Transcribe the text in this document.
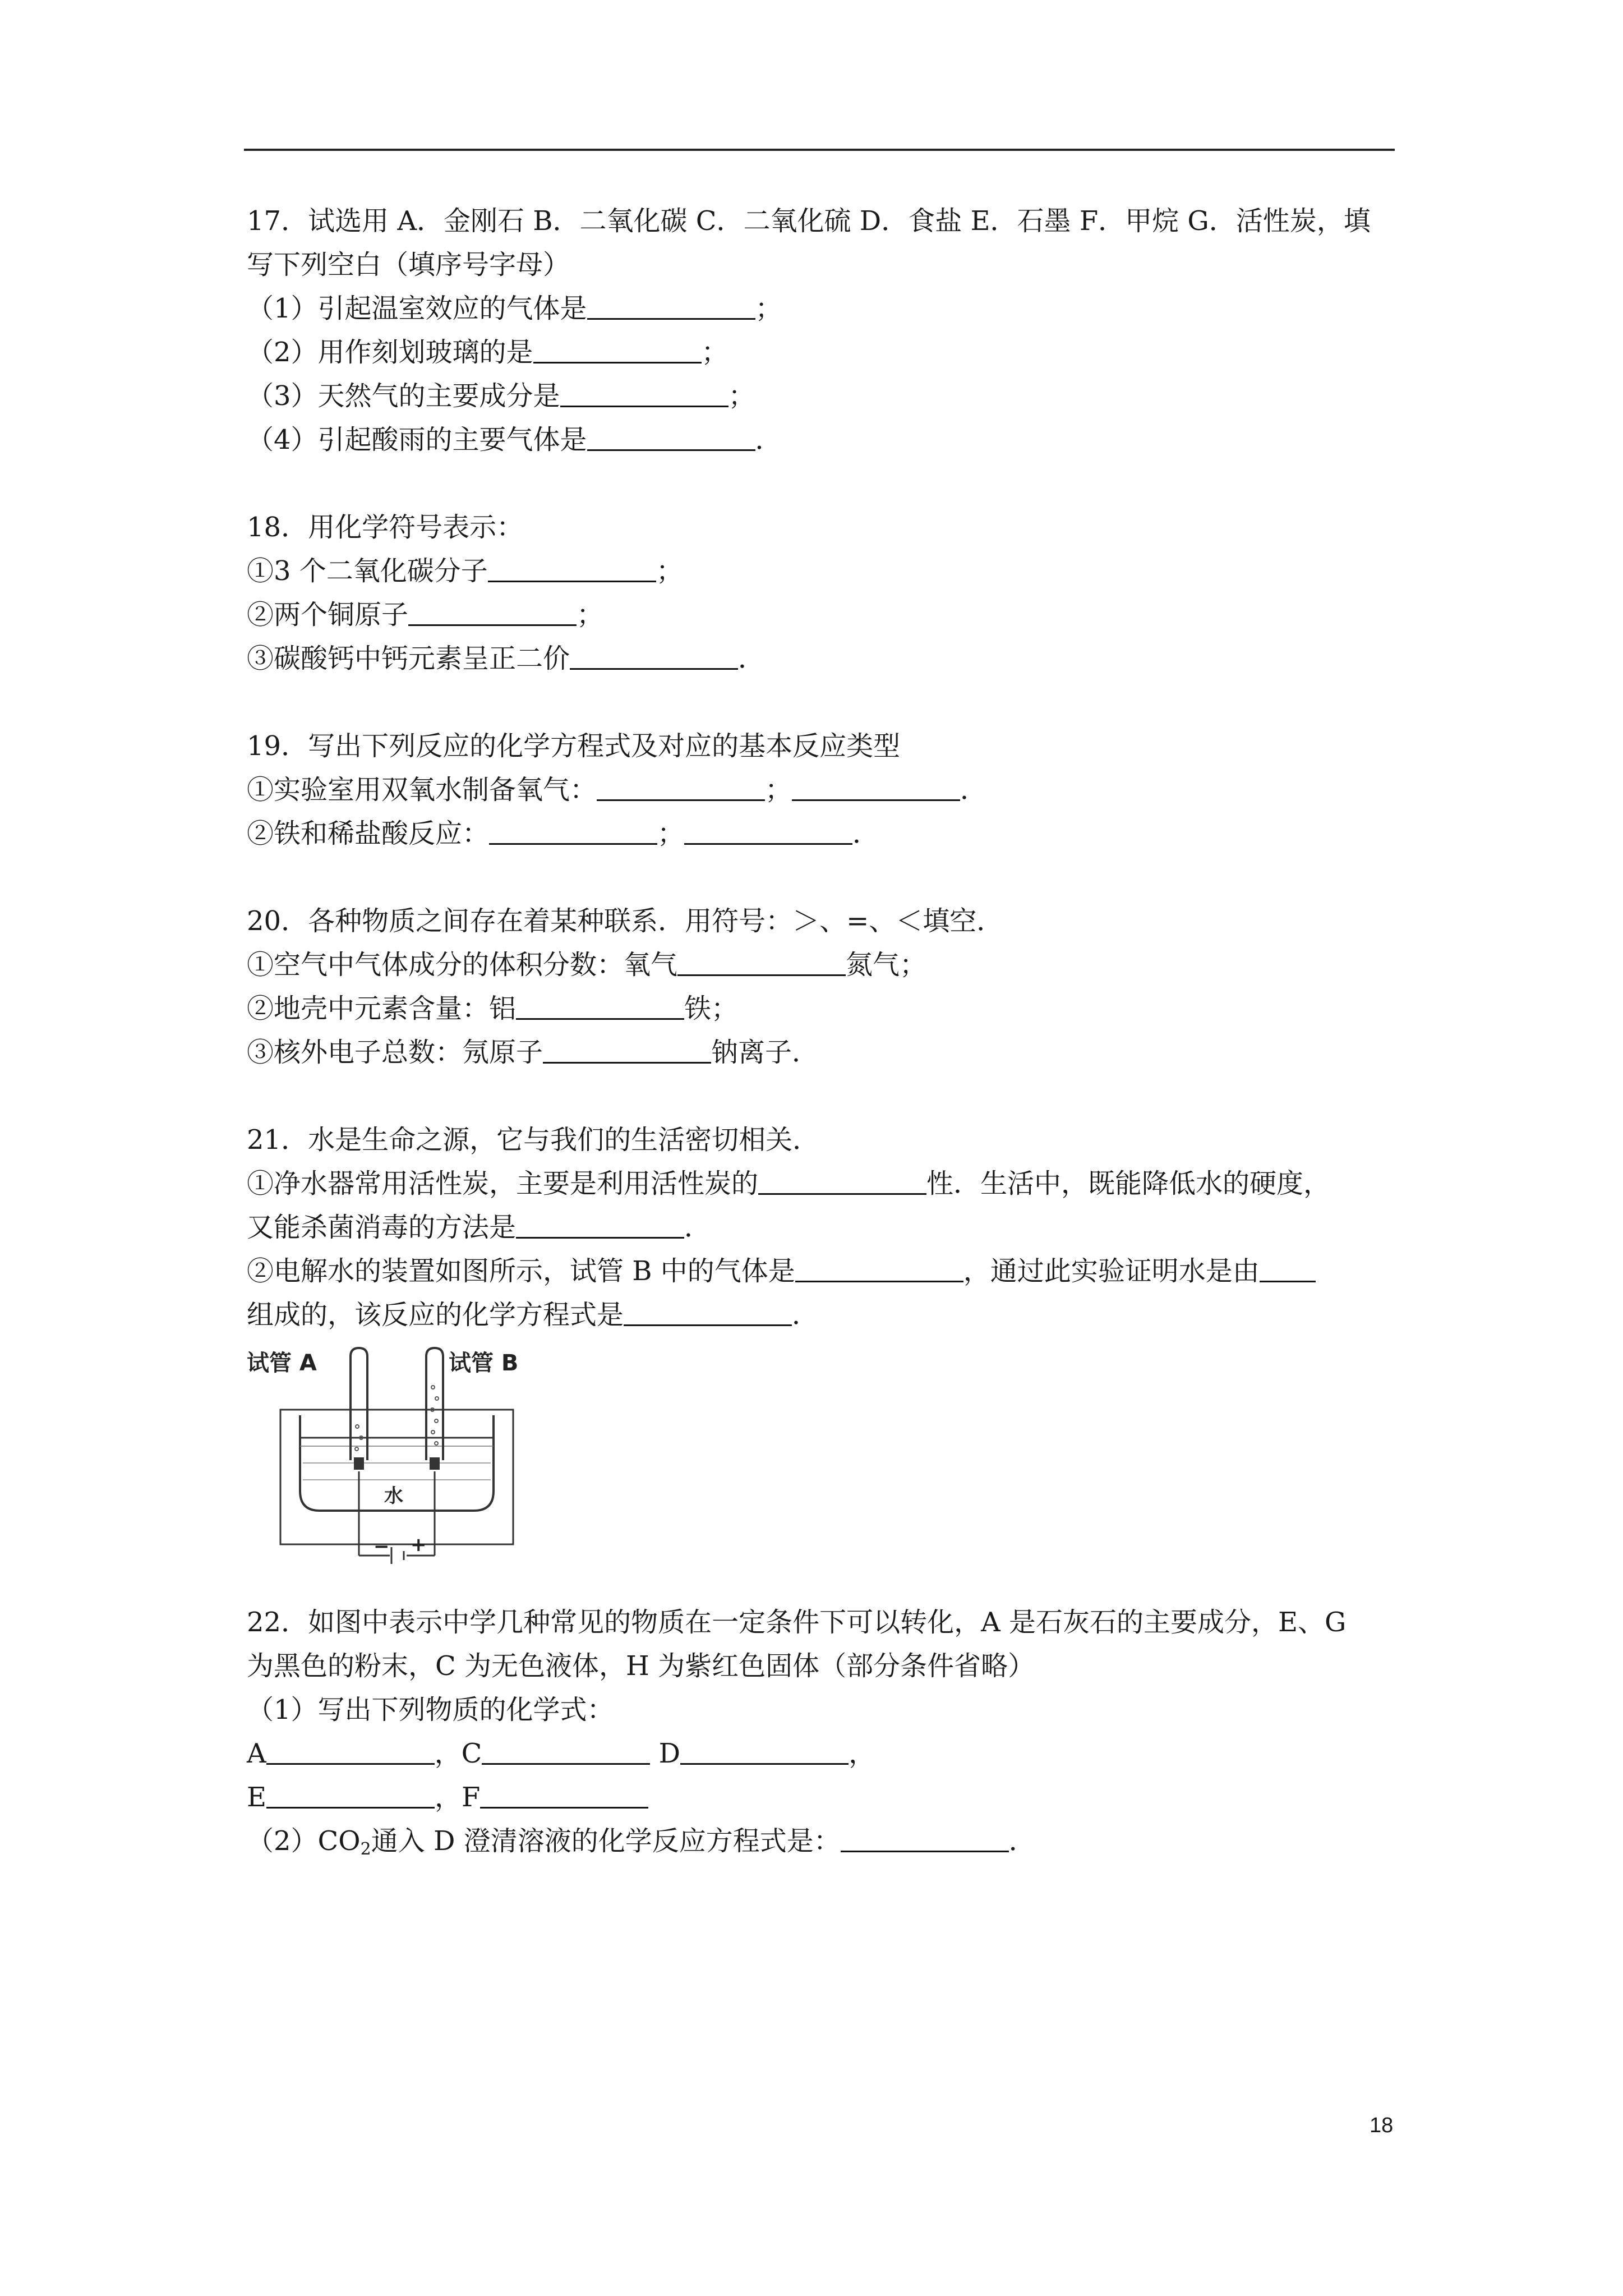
17．试选用 A．金刚石 B．二氧化碳 C．二氧化硫 D．食盐 E．石墨 F．甲烷 G．活性炭，填
写下列空白（填序号字母）
（1）引起温室效应的气体是	；
（2）用作刻划玻璃的是	；
（3）天然气的主要成分是	；
（4）引起酸雨的主要气体是	．
18．用化学符号表示：
①3 个二氧化碳分子	；
②两个铜原子	；
③碳酸钙中钙元素呈正二价	．
19．写出下列反应的化学方程式及对应的基本反应类型
①实验室用双氧水制备氧气：	；	．
②铁和稀盐酸反应：	；	．
20．各种物质之间存在着某种联系．用符号：＞、=、＜填空．
①空气中气体成分的体积分数：氧气	氮气；
②地壳中元素含量：铝	铁；
③核外电子总数：氖原子	钠离子．
21．水是生命之源，它与我们的生活密切相关．
①净水器常用活性炭，主要是利用活性炭的	性．生活中，既能降低水的硬度，
又能杀菌消毒的方法是	．
②电解水的装置如图所示，试管 B 中的气体是	，通过此实验证明水是由
组成的，该反应的化学方程式是	．
试管 A	试管 B
水
− +
22．如图中表示中学几种常见的物质在一定条件下可以转化，A 是石灰石的主要成分，E、G
为黑色的粉末，C 为无色液体，H 为紫红色固体（部分条件省略）
（1）写出下列物质的化学式：
A	，C	D	，
E	，F
$(2)CO_2$通入 D 澄清溶液的化学反应方程式是：	．
18
